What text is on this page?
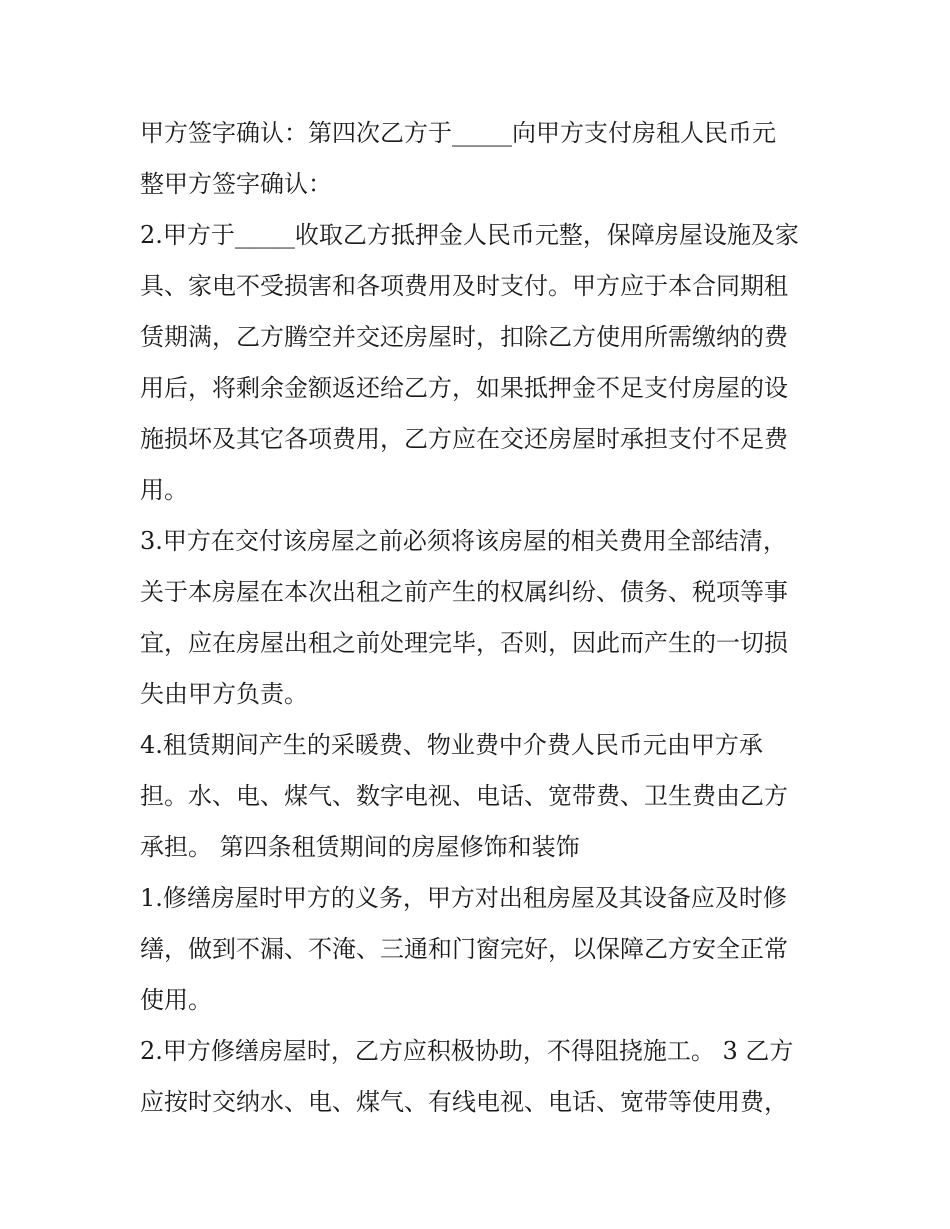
甲方签字确认：第四次乙方于_____向甲方支付房租人民币元
整甲方签字确认：
2.甲方于_____收取乙方抵押金人民币元整，保障房屋设施及家
具、家电不受损害和各项费用及时支付。甲方应于本合同期租
赁期满，乙方腾空并交还房屋时，扣除乙方使用所需缴纳的费
用后，将剩余金额返还给乙方，如果抵押金不足支付房屋的设
施损坏及其它各项费用，乙方应在交还房屋时承担支付不足费
用。
3.甲方在交付该房屋之前必须将该房屋的相关费用全部结清，
关于本房屋在本次出租之前产生的权属纠纷、债务、税项等事
宜，应在房屋出租之前处理完毕，否则，因此而产生的一切损
失由甲方负责。
4.租赁期间产生的采暖费、物业费中介费人民币元由甲方承
担。水、电、煤气、数字电视、电话、宽带费、卫生费由乙方
承担。 第四条租赁期间的房屋修饰和装饰
1.修缮房屋时甲方的义务，甲方对出租房屋及其设备应及时修
缮，做到不漏、不淹、三通和门窗完好，以保障乙方安全正常
使用。
2.甲方修缮房屋时，乙方应积极协助，不得阻挠施工。 3 乙方
应按时交纳水、电、煤气、有线电视、电话、宽带等使用费，
